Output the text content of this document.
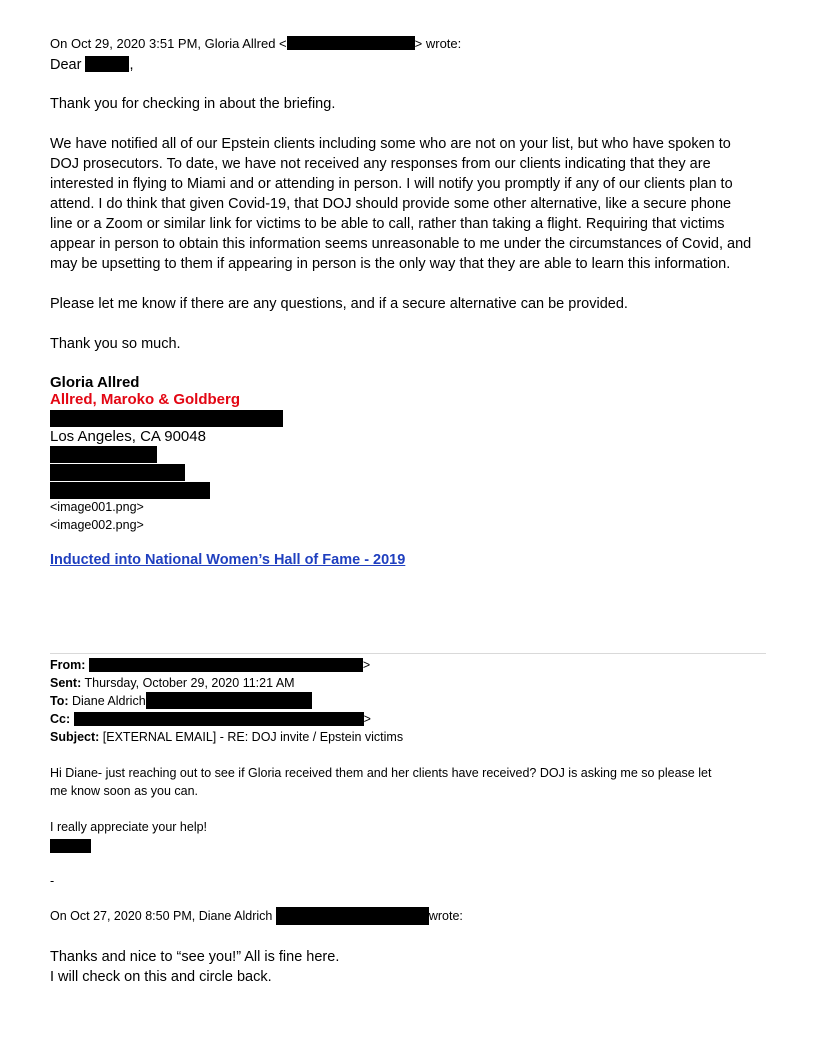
On Oct 29, 2020 3:51 PM, Gloria Allred <	> wrote:
Dear	,
Thank you for checking in about the briefing.
We have notified all of our Epstein clients including some who are not on your list, but who have spoken to
DOJ prosecutors. To date, we have not received any responses from our clients indicating that they are
interested in flying to Miami and or attending in person. I will notify you promptly if any of our clients plan to
attend. I do think that given Covid-19, that DOJ should provide some other alternative, like a secure phone
line or a Zoom or similar link for victims to be able to call, rather than taking a flight. Requiring that victims
appear in person to obtain this information seems unreasonable to me under the circumstances of Covid, and
may be upsetting to them if appearing in person is the only way that they are able to learn this information.
Please let me know if there are any questions, and if a secure alternative can be provided.
Thank you so much.
Gloria Allred
Allred, Maroko & Goldberg
Los Angeles, CA 90048
<image001.png>
<image002.png>
Inducted into National Women’s Hall of Fame - 2019
From:	>
Sent: Thursday, October 29, 2020 11:21 AM
To: Diane Aldrich
Cc:	>
Subject: [EXTERNAL EMAIL] - RE: DOJ invite / Epstein victims
Hi Diane- just reaching out to see if Gloria received them and her clients have received? DOJ is asking me so please let
me know soon as you can.
I really appreciate your help!
-
On Oct 27, 2020 8:50 PM, Diane Aldrich	wrote:
Thanks and nice to “see you!” All is fine here.
I will check on this and circle back.
